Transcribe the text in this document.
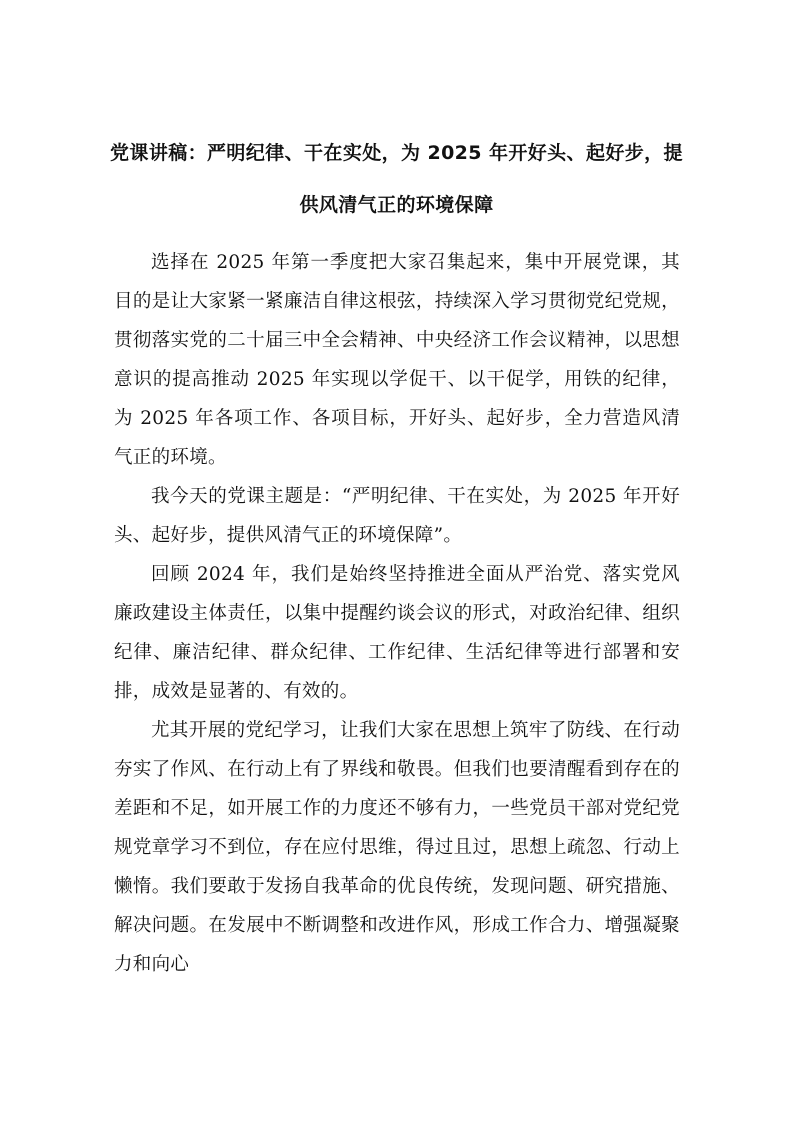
党课讲稿：严明纪律、干在实处，为 2025 年开好头、起好步，提供风清气正的环境保障

选择在 2025 年第一季度把大家召集起来，集中开展党课，其目的是让大家紧一紧廉洁自律这根弦，持续深入学习贯彻党纪党规，贯彻落实党的二十届三中全会精神、中央经济工作会议精神，以思想意识的提高推动 2025 年实现以学促干、以干促学，用铁的纪律，为 2025 年各项工作、各项目标，开好头、起好步，全力营造风清气正的环境。

我今天的党课主题是：“严明纪律、干在实处，为 2025 年开好头、起好步，提供风清气正的环境保障”。

回顾 2024 年，我们是始终坚持推进全面从严治党、落实党风廉政建设主体责任，以集中提醒约谈会议的形式，对政治纪律、组织纪律、廉洁纪律、群众纪律、工作纪律、生活纪律等进行部署和安排，成效是显著的、有效的。

尤其开展的党纪学习，让我们大家在思想上筑牢了防线、在行动夯实了作风、在行动上有了界线和敬畏。但我们也要清醒看到存在的差距和不足，如开展工作的力度还不够有力，一些党员干部对党纪党规党章学习不到位，存在应付思维，得过且过，思想上疏忽、行动上懒惰。我们要敢于发扬自我革命的优良传统，发现问题、研究措施、解决问题。在发展中不断调整和改进作风，形成工作合力、增强凝聚力和向心
